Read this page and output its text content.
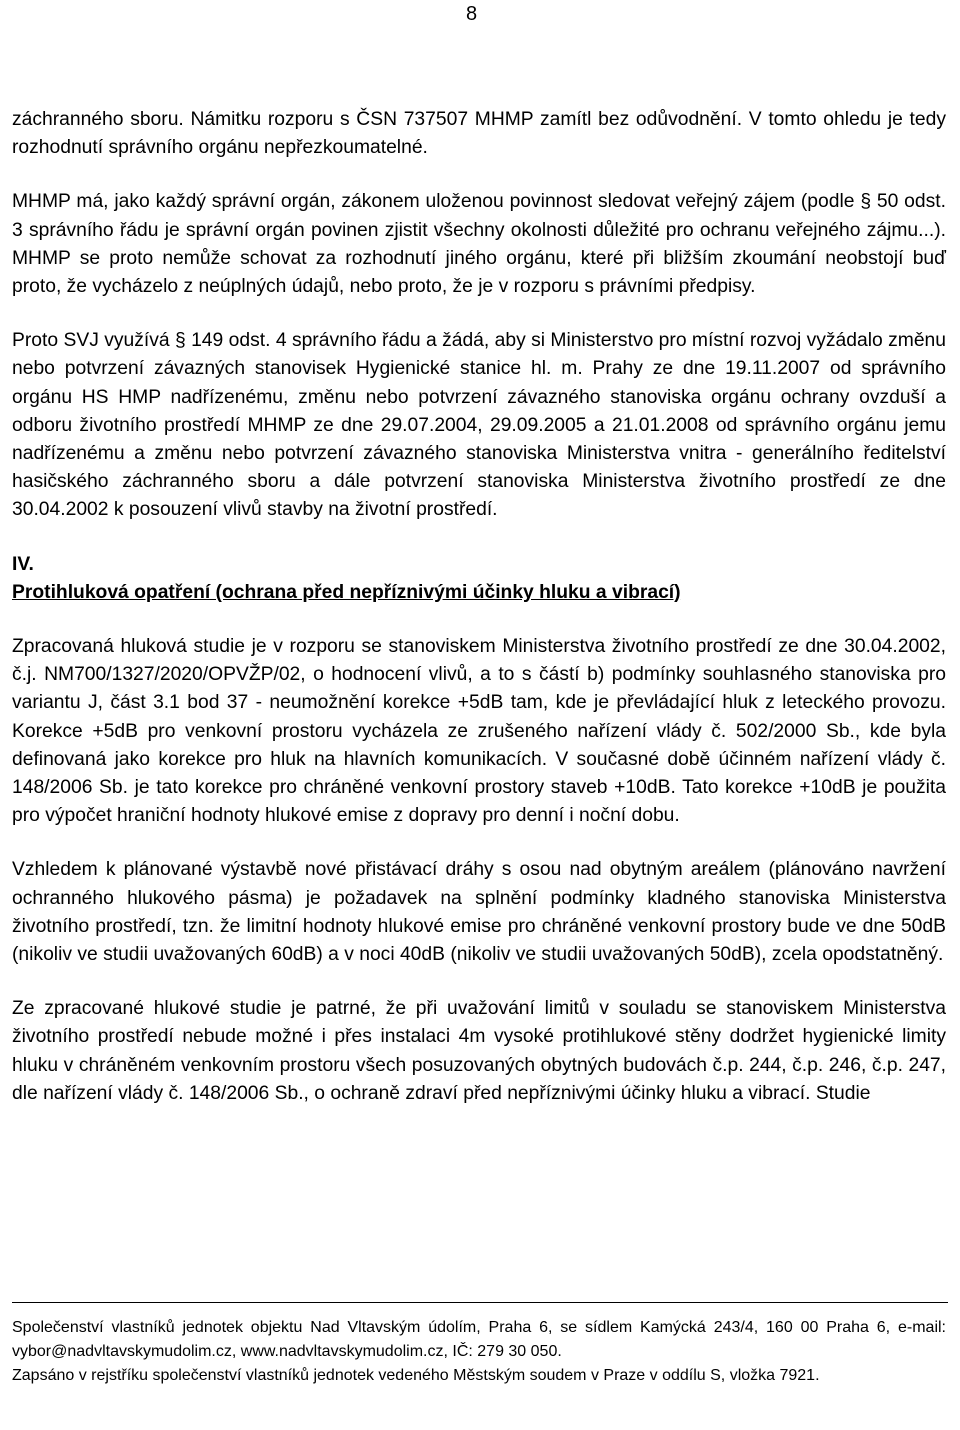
8

záchranného sboru. Námitku rozporu s ČSN 737507 MHMP zamítl bez odůvodnění. V tomto ohledu je tedy rozhodnutí správního orgánu nepřezkoumatelné.

MHMP má, jako každý správní orgán, zákonem uloženou povinnost sledovat veřejný zájem (podle § 50 odst. 3 správního řádu je správní orgán povinen zjistit všechny okolnosti důležité pro ochranu veřejného zájmu...). MHMP se proto nemůže schovat za rozhodnutí jiného orgánu, které při bližším zkoumání neobstojí buď proto, že vycházelo z neúplných údajů, nebo proto, že je v rozporu s právními předpisy.

Proto SVJ využívá § 149 odst. 4 správního řádu a žádá, aby si Ministerstvo pro místní rozvoj vyžádalo změnu nebo potvrzení závazných stanovisek Hygienické stanice hl. m. Prahy ze dne 19.11.2007 od správního orgánu HS HMP nadřízenému, změnu nebo potvrzení závazného stanoviska orgánu ochrany ovzduší a odboru životního prostředí MHMP ze dne 29.07.2004, 29.09.2005 a 21.01.2008 od správního orgánu jemu nadřízenému a změnu nebo potvrzení závazného stanoviska Ministerstva vnitra - generálního ředitelství hasičského záchranného sboru a dále potvrzení stanoviska Ministerstva životního prostředí ze dne 30.04.2002 k posouzení vlivů stavby na životní prostředí.

IV.

Protihluková opatření (ochrana před nepříznivými účinky hluku a vibrací)

Zpracovaná hluková studie je v rozporu se stanoviskem Ministerstva životního prostředí ze dne 30.04.2002, č.j. NM700/1327/2020/OPVŽP/02, o hodnocení vlivů, a to s částí b) podmínky souhlasného stanoviska pro variantu J, část 3.1 bod 37 - neumožnění korekce +5dB tam, kde je převládající hluk z leteckého provozu. Korekce +5dB pro venkovní prostoru vycházela ze zrušeného nařízení vlády č. 502/2000 Sb., kde byla definovaná jako korekce pro hluk na hlavních komunikacích. V současné době účinném nařízení vlády č. 148/2006 Sb. je tato korekce pro chráněné venkovní prostory staveb +10dB. Tato korekce +10dB je použita pro výpočet hraniční hodnoty hlukové emise z dopravy pro denní i noční dobu.

Vzhledem k plánované výstavbě nové přistávací dráhy s osou nad obytným areálem (plánováno navržení ochranného hlukového pásma) je požadavek na splnění podmínky kladného stanoviska Ministerstva životního prostředí, tzn. že limitní hodnoty hlukové emise pro chráněné venkovní prostory bude ve dne 50dB (nikoliv ve studii uvažovaných 60dB) a v noci 40dB (nikoliv ve studii uvažovaných 50dB), zcela opodstatněný.

Ze zpracované hlukové studie je patrné, že při uvažování limitů v souladu se stanoviskem Ministerstva životního prostředí nebude možné i přes instalaci 4m vysoké protihlukové stěny dodržet hygienické limity hluku v chráněném venkovním prostoru všech posuzovaných obytných budovách č.p. 244, č.p. 246, č.p. 247, dle nařízení vlády č. 148/2006 Sb., o ochraně zdraví před nepříznivými účinky hluku a vibrací. Studie

Společenství vlastníků jednotek objektu Nad Vltavským údolím, Praha 6, se sídlem Kamýcká 243/4, 160 00 Praha 6, e-mail: vybor@nadvltavskymudolim.cz, www.nadvltavskymudolim.cz, IČ: 279 30 050.

Zapsáno v rejstříku společenství vlastníků jednotek vedeného Městským soudem v Praze v oddílu S, vložka 7921.
